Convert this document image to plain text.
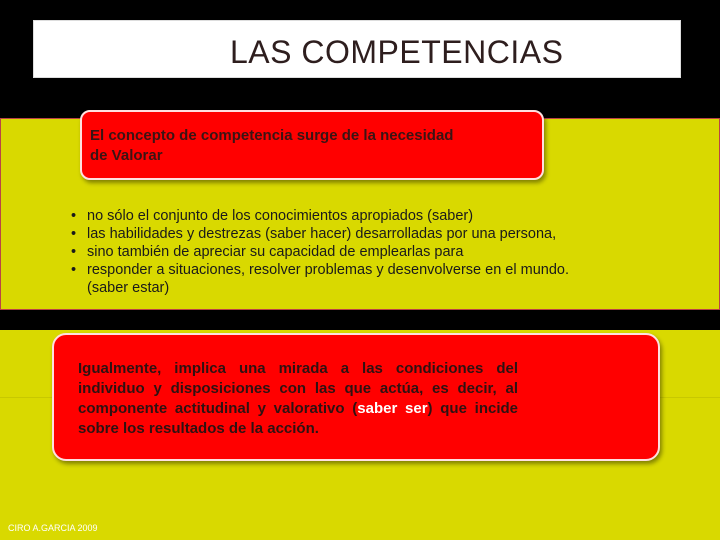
LAS COMPETENCIAS
El concepto de competencia surge de la necesidad
de Valorar
• no sólo el conjunto de los conocimientos apropiados (saber)
• las habilidades y destrezas (saber hacer) desarrolladas por una persona,
• sino también de apreciar su capacidad de emplearlas para
• responder a situaciones, resolver problemas y desenvolverse en el mundo.
(saber estar)
Igualmente, implica una mirada a las condiciones del individuo y disposiciones con las que actúa, es decir, al componente actitudinal y valorativo (saber ser) que incide sobre los resultados de la acción.
CIRO A.GARCIA 2009
